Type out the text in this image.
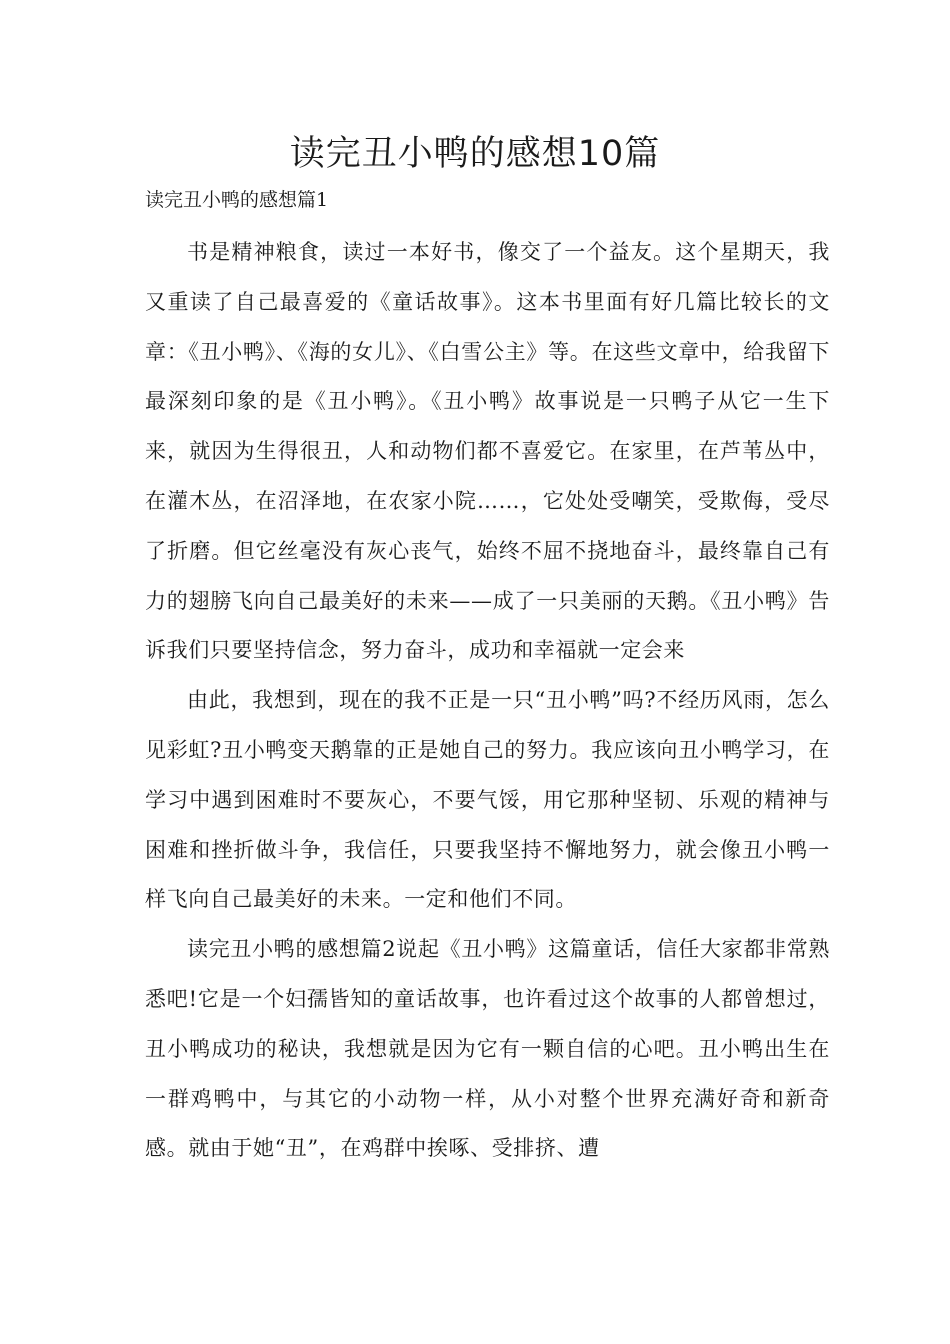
读完丑小鸭的感想10篇
读完丑小鸭的感想篇1

书是精神粮食，读过一本好书，像交了一个益友。这个星期天，我又重读了自己最喜爱的《童话故事》。这本书里面有好几篇比较长的文章：《丑小鸭》、《海的女儿》、《白雪公主》等。在这些文章中，给我留下最深刻印象的是《丑小鸭》。《丑小鸭》故事说是一只鸭子从它一生下来，就因为生得很丑，人和动物们都不喜爱它。在家里，在芦苇丛中，在灌木丛，在沼泽地，在农家小院……，它处处受嘲笑，受欺侮，受尽了折磨。但它丝毫没有灰心丧气，始终不屈不挠地奋斗，最终靠自己有力的翅膀飞向自己最美好的未来——成了一只美丽的天鹅。《丑小鸭》告诉我们只要坚持信念，努力奋斗，成功和幸福就一定会来

由此，我想到，现在的我不正是一只“丑小鸭”吗?不经历风雨，怎么见彩虹?丑小鸭变天鹅靠的正是她自己的努力。我应该向丑小鸭学习，在学习中遇到困难时不要灰心，不要气馁，用它那种坚韧、乐观的精神与困难和挫折做斗争，我信任，只要我坚持不懈地努力，就会像丑小鸭一样飞向自己最美好的未来。一定和他们不同。

读完丑小鸭的感想篇2说起《丑小鸭》这篇童话，信任大家都非常熟悉吧!它是一个妇孺皆知的童话故事，也许看过这个故事的人都曾想过，丑小鸭成功的秘诀，我想就是因为它有一颗自信的心吧。丑小鸭出生在一群鸡鸭中，与其它的小动物一样，从小对整个世界充满好奇和新奇感。就由于她“丑”，在鸡群中挨啄、受排挤、遭
